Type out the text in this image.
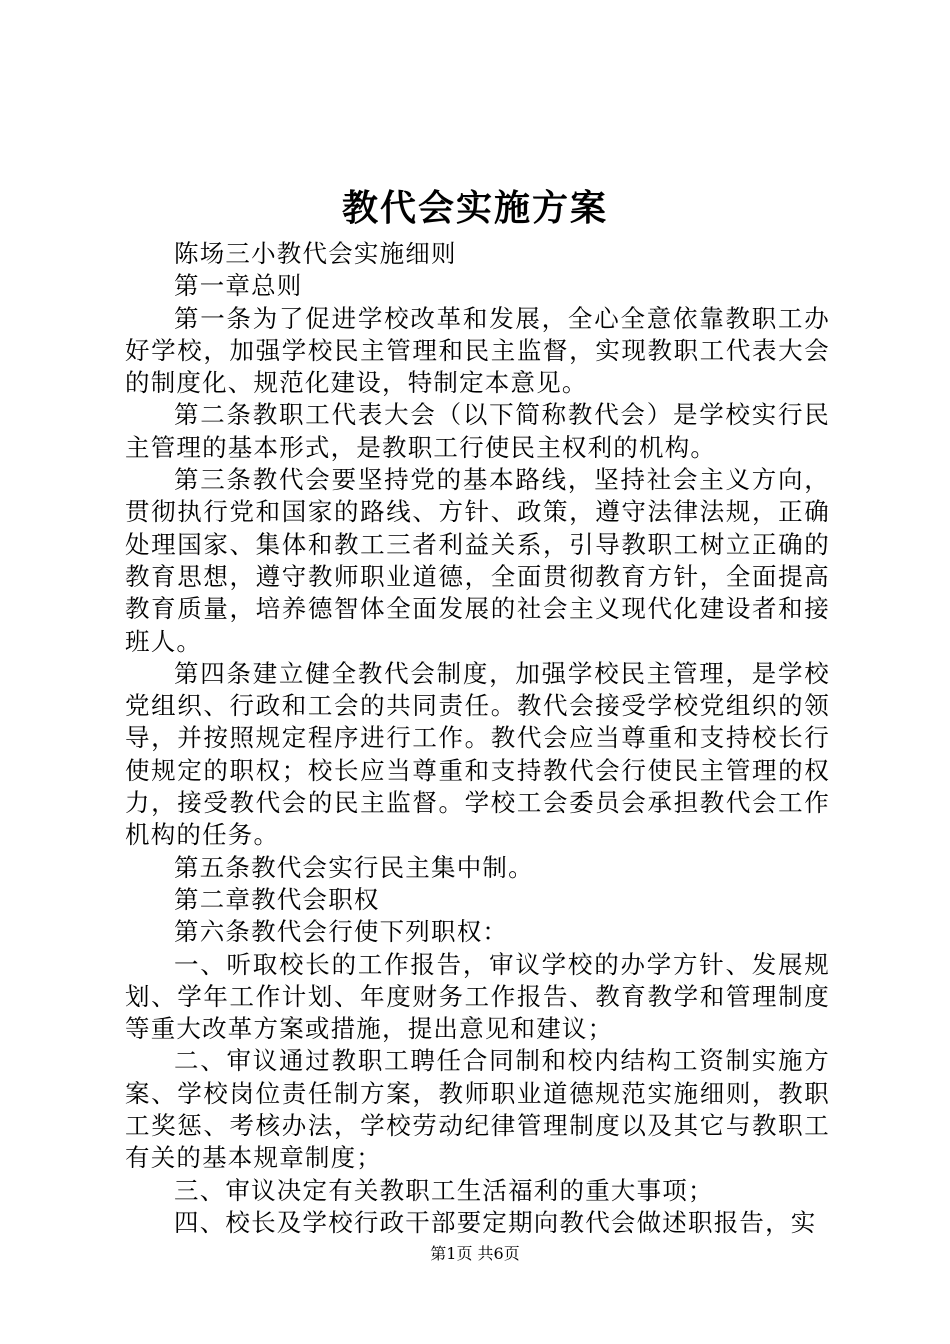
教代会实施方案

陈场三小教代会实施细则

第一章总则

第一条为了促进学校改革和发展，全心全意依靠教职工办好学校，加强学校民主管理和民主监督，实现教职工代表大会的制度化、规范化建设，特制定本意见。

第二条教职工代表大会（以下简称教代会）是学校实行民主管理的基本形式，是教职工行使民主权利的机构。

第三条教代会要坚持党的基本路线，坚持社会主义方向，贯彻执行党和国家的路线、方针、政策，遵守法律法规，正确处理国家、集体和教工三者利益关系，引导教职工树立正确的教育思想，遵守教师职业道德，全面贯彻教育方针，全面提高教育质量，培养德智体全面发展的社会主义现代化建设者和接班人。

第四条建立健全教代会制度，加强学校民主管理，是学校党组织、行政和工会的共同责任。教代会接受学校党组织的领导，并按照规定程序进行工作。教代会应当尊重和支持校长行使规定的职权；校长应当尊重和支持教代会行使民主管理的权力，接受教代会的民主监督。学校工会委员会承担教代会工作机构的任务。

第五条教代会实行民主集中制。

第二章教代会职权

第六条教代会行使下列职权：

一、听取校长的工作报告，审议学校的办学方针、发展规划、学年工作计划、年度财务工作报告、教育教学和管理制度等重大改革方案或措施，提出意见和建议；

二、审议通过教职工聘任合同制和校内结构工资制实施方案、学校岗位责任制方案，教师职业道德规范实施细则，教职工奖惩、考核办法，学校劳动纪律管理制度以及其它与教职工有关的基本规章制度；

三、审议决定有关教职工生活福利的重大事项；

四、校长及学校行政干部要定期向教代会做述职报告，实

第1页 共6页
